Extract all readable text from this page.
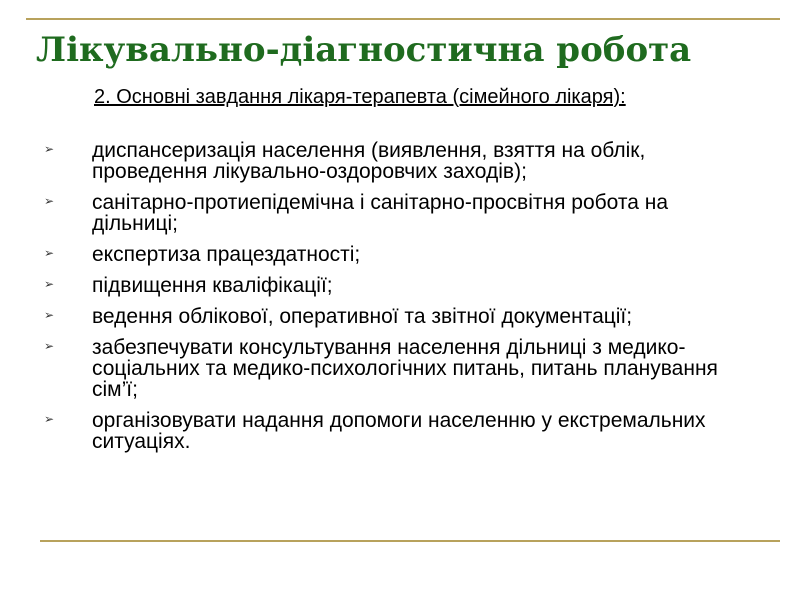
Лікувально-діагностична робота

2. Основні завдання лікаря-терапевта (сімейного лікаря):

➢ диспансеризація населення (виявлення, взяття на облік, проведення лікувально-оздоровчих заходів);
➢ санітарно-протиепідемічна і санітарно-просвітня робота на дільниці;
➢ експертиза працездатності;
➢ підвищення кваліфікації;
➢ ведення облікової, оперативної та звітної документації;
➢ забезпечувати консультування населення дільниці з медико-соціальних та медико-психологічних питань, питань планування сім’ї;
➢ організовувати надання допомоги населенню у екстремальних ситуаціях.
